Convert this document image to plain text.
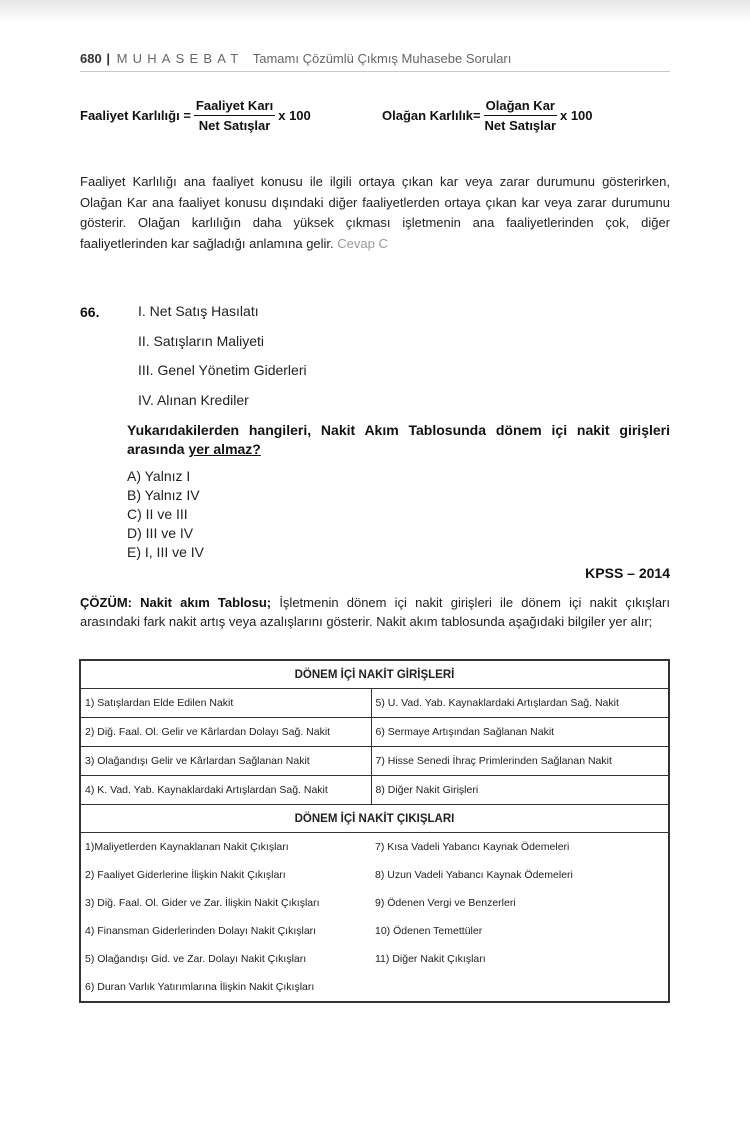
680 | MUHASEBAT Tamamı Çözümlü Çıkmış Muhasebe Soruları
Faaliyet Karlılığı = $\frac{\text{Faaliyet Karı}}{\text{Net Satışlar}}$ x 100	Olağan Karlılık= $\frac{\text{Olağan Kar}}{\text{Net Satışlar}}$ x 100
Faaliyet Karlılığı ana faaliyet konusu ile ilgili ortaya çıkan kar veya zarar durumunu gösterirken, Olağan Kar ana faaliyet konusu dışındaki diğer faaliyetlerden ortaya çıkan kar veya zarar durumunu gösterir. Olağan karlılığın daha yüksek çıkması işletmenin ana faaliyetlerinden çok, diğer faaliyetlerinden kar sağladığı anlamına gelir. Cevap C
66.	I. Net Satış Hasılatı
II. Satışların Maliyeti
III. Genel Yönetim Giderleri
IV. Alınan Krediler
Yukarıdakilerden hangileri, Nakit Akım Tablosunda dönem içi nakit girişleri arasında yer almaz?
A) Yalnız I
B) Yalnız IV
C) II ve III
D) III ve IV
E) I, III ve IV
KPSS – 2014
ÇÖZÜM: Nakit akım Tablosu; İşletmenin dönem içi nakit girişleri ile dönem içi nakit çıkışları arasındaki fark nakit artış veya azalışlarını gösterir. Nakit akım tablosunda aşağıdaki bilgiler yer alır;
DÖNEM İÇİ NAKİT GİRİŞLERİ	
1) Satışlardan Elde Edilen Nakit	5) U. Vad. Yab. Kaynaklardaki Artışlardan Sağ. Nakit
2) Diğ. Faal. Ol. Gelir ve Kârlardan Dolayı Sağ. Nakit	6) Sermaye Artışından Sağlanan Nakit
3) Olağandışı Gelir ve Kârlardan Sağlanan Nakit	7) Hisse Senedi İhraç Primlerinden Sağlanan Nakit
4) K. Vad. Yab. Kaynaklardaki Artışlardan Sağ. Nakit	8) Diğer Nakit Girişleri
DÖNEM İÇİ NAKİT ÇIKIŞLARI	
1)Maliyetlerden Kaynaklanan Nakit Çıkışları	7) Kısa Vadeli Yabancı Kaynak Ödemeleri
2) Faaliyet Giderlerine İlişkin Nakit Çıkışları	8) Uzun Vadeli Yabancı Kaynak Ödemeleri
3) Diğ. Faal. Ol. Gider ve Zar. İlişkin Nakit Çıkışları	9) Ödenen Vergi ve Benzerleri
4) Finansman Giderlerinden Dolayı Nakit Çıkışları	10) Ödenen Temettüler
5) Olağandışı Gid. ve Zar. Dolayı Nakit Çıkışları	11) Diğer Nakit Çıkışları
6) Duran Varlık Yatırımlarına İlişkin Nakit Çıkışları	
